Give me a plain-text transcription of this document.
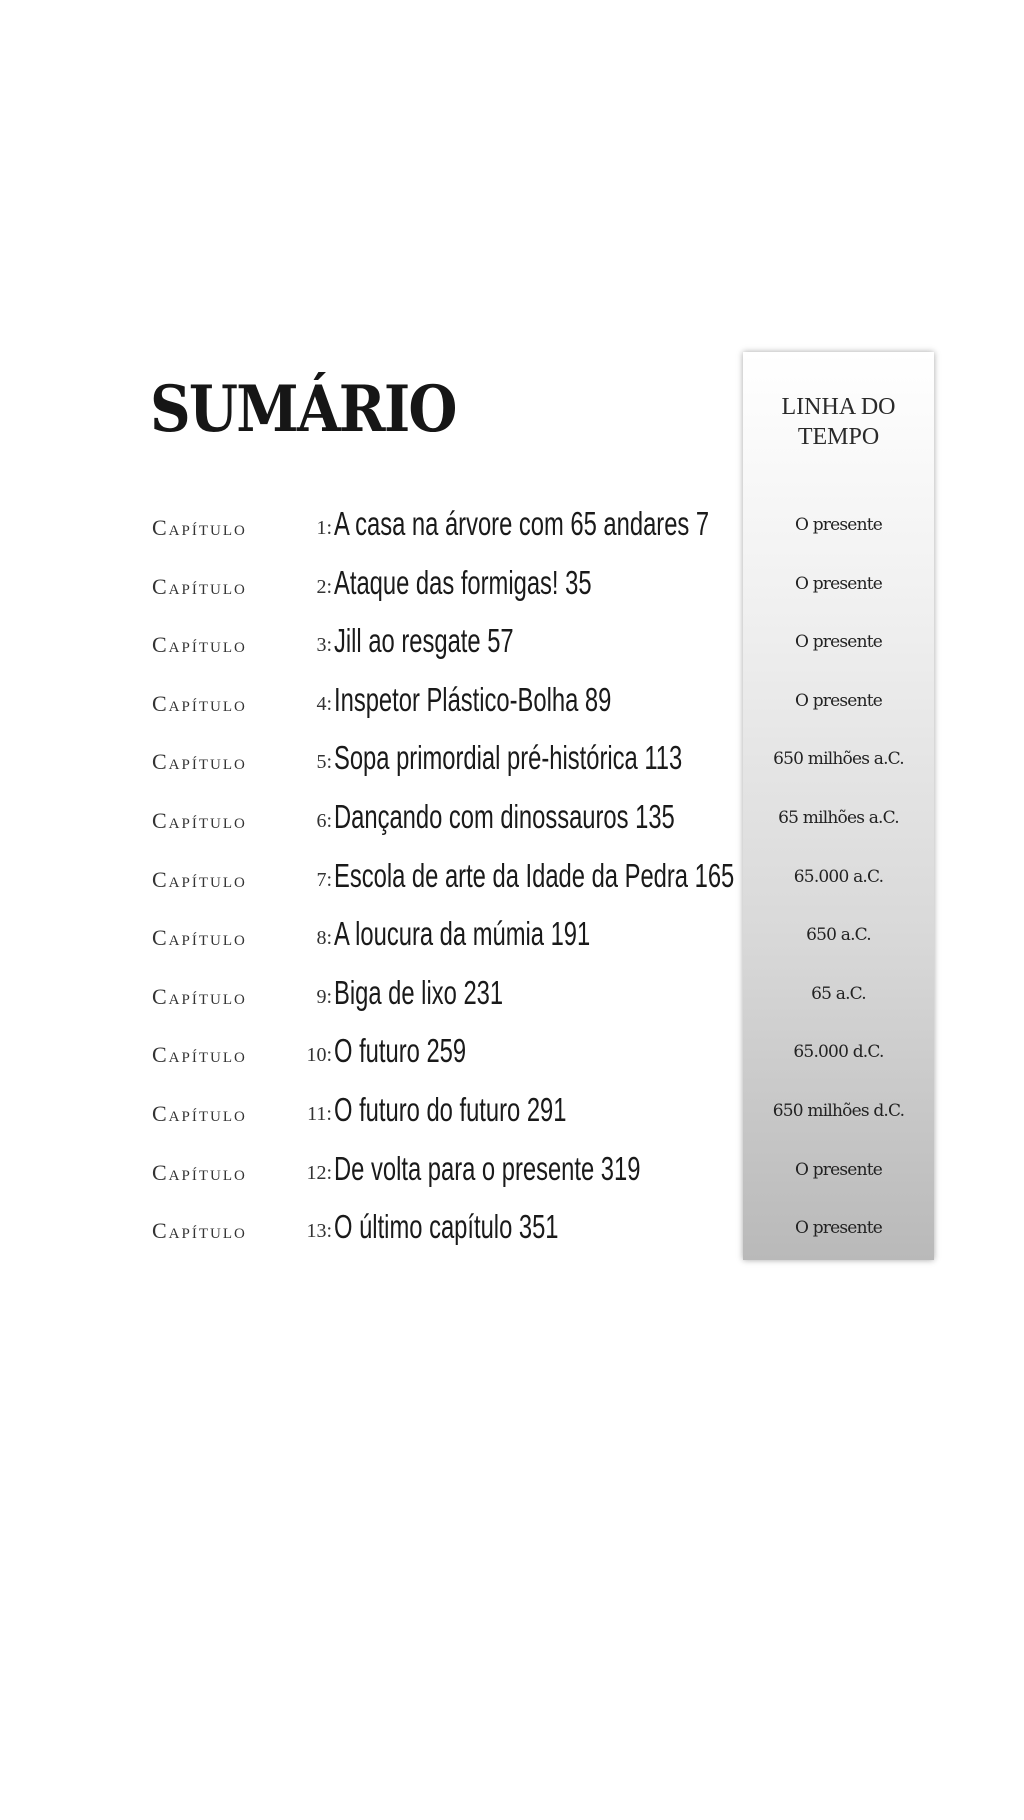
LINHA DO
TEMPO
SUMÁRIO
Capítulo	1: A casa na árvore com 65 andares 7	O presente
Capítulo	2: Ataque das formigas! 35	O presente
Capítulo	3: Jill ao resgate 57	O presente
Capítulo	4: Inspetor Plástico-Bolha 89	O presente
Capítulo	5: Sopa primordial pré-histórica 113	650 milhões a.C.
Capítulo	6: Dançando com dinossauros 135	65 milhões a.C.
Capítulo	7: Escola de arte da Idade da Pedra 165	65.000 a.C.
Capítulo	8: A loucura da múmia 191	650 a.C.
Capítulo	9: Biga de lixo 231	65 a.C.
Capítulo	10: O futuro 259	65.000 d.C.
Capítulo	11: O futuro do futuro 291	650 milhões d.C.
Capítulo	12: De volta para o presente 319	O presente
Capítulo	13: O último capítulo 351	O presente
